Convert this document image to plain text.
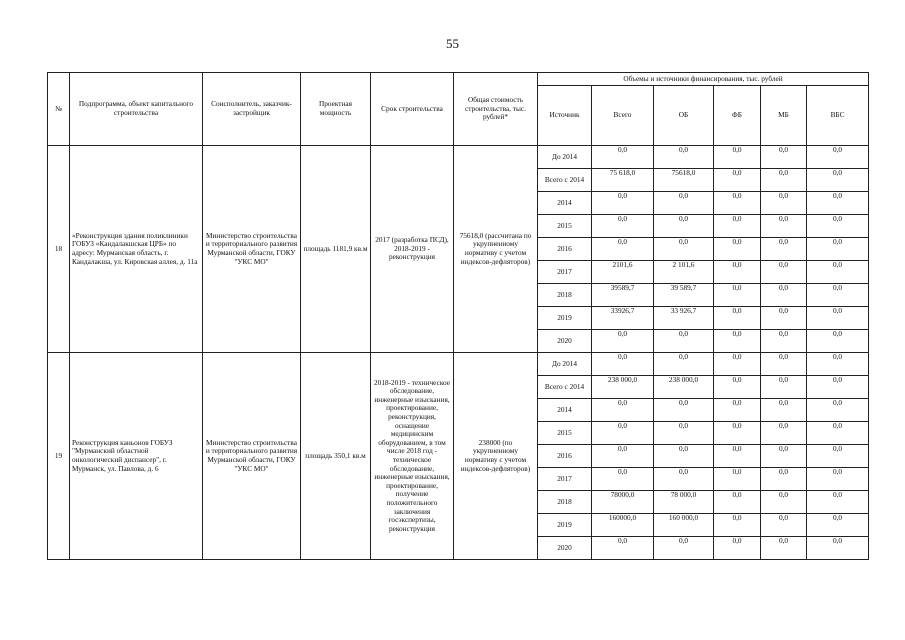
55
№	Подпрограмма, объект капитального строительства	Соисполнитель, заказчик-застройщик	Проектная мощность	Срок строительства	Общая стоимость строительства, тыс. рублей*	Объемы и источники финансирования, тыс. рублей					
						Источник	Всего	ОБ	ФБ	МБ	ВБС
18	«Реконструкция здания поликлиники ГОБУЗ «Кандалакшская ЦРБ» по адресу: Мурманская область, г. Кандалакша, ул. Кировская аллея, д. 11а	Министерство строительства и территориального развития Мурманской области, ГОКУ "УКС МО"	площадь 1181,9 кв.м	2017 (разработка ПСД), 2018-2019 - реконструкция	75618,0 (рассчитана по укрупненному нормативу с учетом индексов-дефляторов)	До 2014	0,0	0,0	0,0	0,0	0,0
						Всего с 2014	75 618,0	75618,0	0,0	0,0	0,0
						2014	0,0	0,0	0,0	0,0	0,0
						2015	0,0	0,0	0,0	0,0	0,0
						2016	0,0	0,0	0,0	0,0	0,0
						2017	2101,6	2 101,6	0,0	0,0	0,0
						2018	39589,7	39 589,7	0,0	0,0	0,0
						2019	33926,7	33 926,7	0,0	0,0	0,0
						2020	0,0	0,0	0,0	0,0	0,0
19	Реконструкция каньонов ГОБУЗ "Мурманский областной онкологический диспансер", г. Мурманск, ул. Павлова, д. 6	Министерство строительства и территориального развития Мурманской области, ГОКУ "УКС МО"	площадь 350,1 кв.м	2018-2019 - техническое обследование, инженерные изыскания, проектирование, реконструкция, оснащение медицинским оборудованием, в том числе 2018 год - техническое обследование, инженерные изыскания, проектирование, получение положительного заключения госэкспертизы, реконструкция	238000 (по укрупненному нормативу с учетом индексов-дефляторов)	До 2014	0,0	0,0	0,0	0,0	0,0
						Всего с 2014	238 000,0	238 000,0	0,0	0,0	0,0
						2014	0,0	0,0	0,0	0,0	0,0
						2015	0,0	0,0	0,0	0,0	0,0
						2016	0,0	0,0	0,0	0,0	0,0
						2017	0,0	0,0	0,0	0,0	0,0
						2018	78000,0	78 000,0	0,0	0,0	0,0
						2019	160000,0	160 000,0	0,0	0,0	0,0
						2020	0,0	0,0	0,0	0,0	0,0
